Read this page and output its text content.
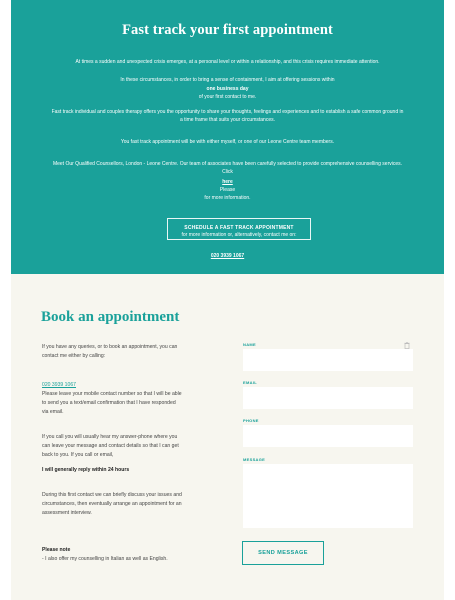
Fast track your first appointment

At times a sudden and unexpected crisis emerges, at a personal level or within a relationship, and this crisis requires immediate attention.

In these circumstances, in order to bring a sense of containment, I aim at offering sessions within

one business day

of your first contact to me.

Fast track individual and couples therapy offers you the opportunity to share your thoughts, feelings and experiences and to establish a safe common ground in a time frame that suits your circumstances.

You fast track appointment will be with either myself, or one of our Leone Centre team members.

Meet Our Qualified Counsellors, London - Leone Centre. Our team of associates have been carefully selected to provide comprehensive counselling services. Click

here

Please

for more information.

SCHEDULE A FAST TRACK APPOINTMENT

for more information or, alternatively, contact me on:

020 3939 1067

Book an appointment

If you have any queries, or to book an appointment, you can contact me either by calling:

020 3939 1067

Please leave your mobile contact number so that I will be able to send you a text/email confirmation that I have responded via email.

If you call you will usually hear my answer-phone where you can leave your message and contact details so that I can get back to you. If you call or email,

I will generally reply within 24 hours

During this first contact we can briefly discuss your issues and circumstances, then eventually arrange an appointment for an assessment interview.

Please note

- I also offer my counselling in Italian as well as English.

NAME
EMAIL
PHONE
MESSAGE
SEND MESSAGE
